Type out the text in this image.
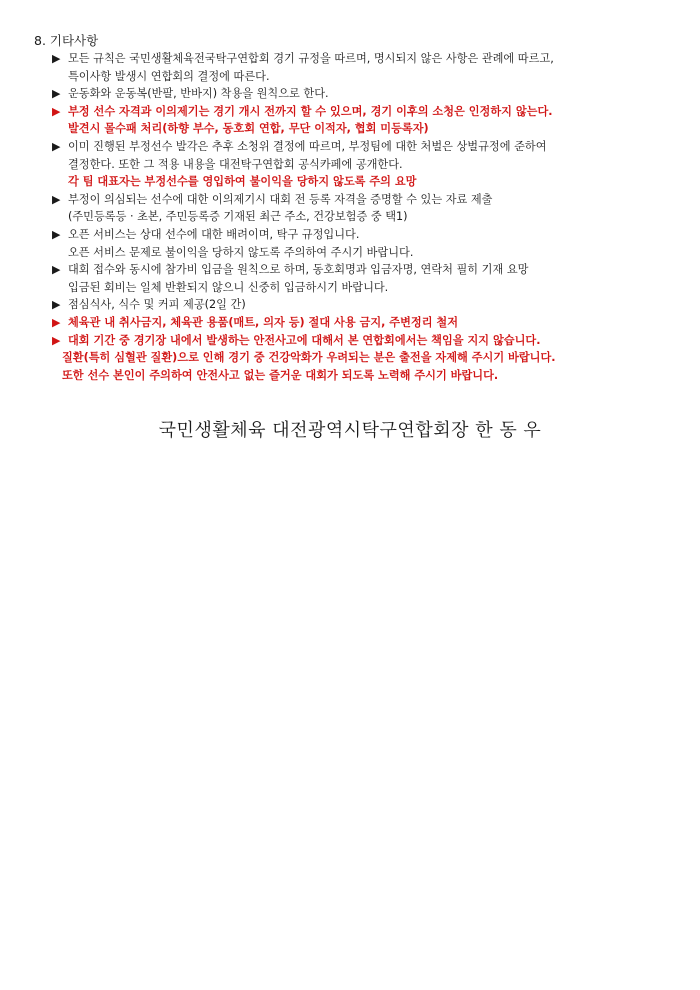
8. 기타사항
▶ 모든 규칙은 국민생활체육전국탁구연합회 경기 규정을 따르며, 명시되지 않은 사항은 관례에 따르고,
특이사항 발생시 연합회의 결정에 따른다.
▶ 운동화와 운동복(반팔, 반바지) 착용을 원칙으로 한다.
▶ 부정 선수 자격과 이의제기는 경기 개시 전까지 할 수 있으며, 경기 이후의 소청은 인정하지 않는다.
발견시 몰수패 처리(하향 부수, 동호회 연합, 무단 이적자, 협회 미등록자)
▶ 이미 진행된 부정선수 발각은 추후 소청위 결정에 따르며, 부정팀에 대한 처벌은 상벌규정에 준하여
결정한다. 또한 그 적용 내용을 대전탁구연합회 공식카페에 공개한다.
각 팀 대표자는 부정선수를 영입하여 불이익을 당하지 않도록 주의 요망
▶ 부정이 의심되는 선수에 대한 이의제기시 대회 전 등록 자격을 증명할 수 있는 자료 제출
(주민등록등 · 초본, 주민등록증 기재된 최근 주소, 건강보험증 중 택1)
▶ 오픈 서비스는 상대 선수에 대한 배려이며, 탁구 규정입니다.
오픈 서비스 문제로 불이익을 당하지 않도록 주의하여 주시기 바랍니다.
▶ 대회 접수와 동시에 참가비 입금을 원칙으로 하며, 동호회명과 입금자명, 연락처 필히 기재 요망
입금된 회비는 일체 반환되지 않으니 신중히 입금하시기 바랍니다.
▶ 점심식사, 식수 및 커피 제공(2일 간)
▶ 체육관 내 취사금지, 체육관 용품(매트, 의자 등) 절대 사용 금지, 주변정리 철저
▶ 대회 기간 중 경기장 내에서 발생하는 안전사고에 대해서 본 연합회에서는 책임을 지지 않습니다.
질환(특히 심혈관 질환)으로 인해 경기 중 건강악화가 우려되는 분은 출전을 자제해 주시기 바랍니다.
또한 선수 본인이 주의하여 안전사고 없는 즐거운 대회가 되도록 노력해 주시기 바랍니다.
국민생활체육 대전광역시탁구연합회장 한 동 우
